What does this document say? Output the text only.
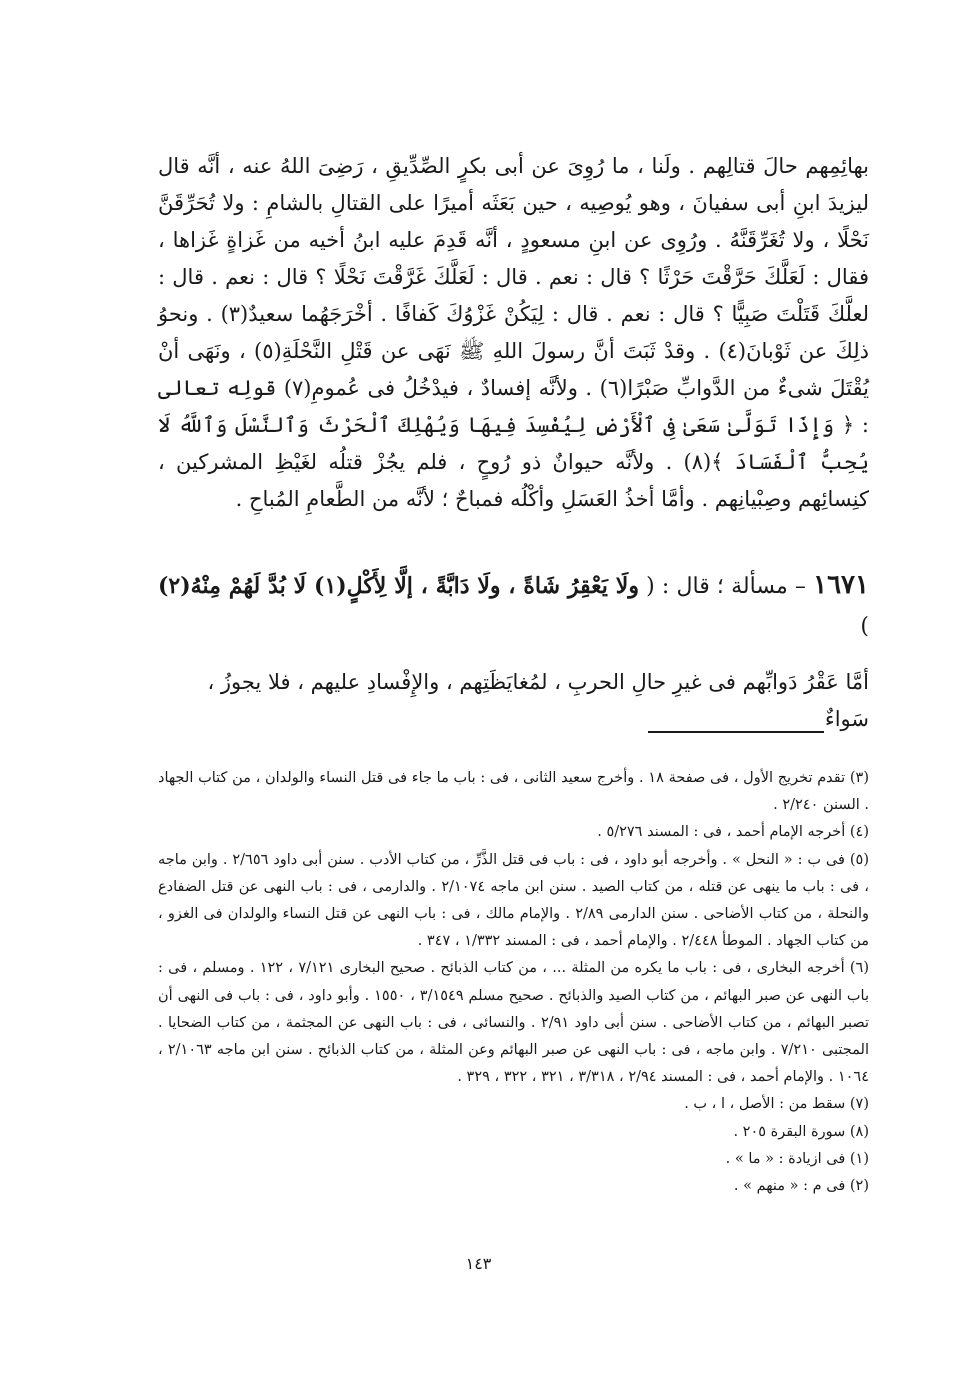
بهائِمِهم حالَ قتالِهم . ولَنا ، ما رُوِىَ عن أبى بكرٍ الصِّدِّيقِ ، رَضِىَ اللهُ عنه ، أنَّه قال ليزيدَ ابنِ أبى سفيانَ ، وهو يُوصِيه ، حين بَعَثَه أميرًا على القتالِ بالشامِ : ولا تُحَرِّقَنَّ نَحْلًا ، ولا تُغَرِّقَنَّهُ . ورُوِى عن ابنِ مسعودٍ ، أنَّه قَدِمَ عليه ابنُ أخيه من غَزاةٍ غَزاها ، فقال : لَعَلَّكَ حَرَّقْتَ حَرْثًا ؟ قال : نعم . قال : لَعَلَّكَ غَرَّقْتَ نَحْلًا ؟ قال : نعم . قال : لعلَّكَ قَتَلْتَ صَبِيًّا ؟ قال : نعم . قال : لِيَكُنْ غَزْوُكَ كَفافًا . أخْرَجَهُما سعيدٌ(٣) . ونحوُ ذلِكَ عن ثَوْبانَ(٤) . وقدْ ثَبَتَ أنَّ رسولَ اللهِ ﷺ نَهَى عن قَتْلِ النَّحْلَةِ(٥) ، ونَهَى أنْ يُقْتَلَ شىءٌ من الدَّوابِّ صَبْرًا(٦) . ولأنَّه إفسادٌ ، فيدْخُلُ فى عُمومِ(٧) قولِه تعالى : ﴿ وَإِذَا تَوَلَّىٰ سَعَىٰ فِى ٱلْأَرْضِ لِيُفْسِدَ فِيهَا وَيُهْلِكَ ٱلْحَرْثَ وَٱلنَّسْلَ وَٱللَّهُ لَا يُحِبُّ ٱلْفَسَادَ ﴾(٨) . ولأنَّه حيوانٌ ذو رُوحٍ ، فلم يجُزْ قتلُه لغَيْظِ المشركين ، كنِسائِهم وصِبْيانِهم . وأمَّا أخذُ العَسَلِ وأكْلُه فمباحٌ ؛ لأنَّه من الطَّعامِ المُباحِ .

١٦٧١ – مسألة ؛ قال : ( ولَا يَعْقِرُ شَاةً ، ولَا دَابَّةً ، إلَّا لِأَكْلٍ(١) لَا بُدَّ لَهُمْ مِنْهُ(٢) )
أمَّا عَقْرُ دَوابِّهم فى غيرِ حالِ الحربِ ، لمُغايَظَتِهم ، والإِفْسادِ عليهم ، فلا يجوزُ ، سَواءٌ

(٣) تقدم تخريج الأول ، فى صفحة ١٨ . وأخرج سعيد الثانى ، فى : باب ما جاء فى قتل النساء والولدان ، من كتاب الجهاد . السنن ٢/٢٤٠ .

(٤) أخرجه الإمام أحمد ، فى : المسند ٥/٢٧٦ .

(٥) فى ب : « النحل » . وأخرجه أبو داود ، فى : باب فى قتل الذَّرِّ ، من كتاب الأدب . سنن أبى داود ٢/٦٥٦ . وابن ماجه ، فى : باب ما ينهى عن قتله ، من كتاب الصيد . سنن ابن ماجه ٢/١٠٧٤ . والدارمى ، فى : باب النهى عن قتل الضفادع والنحلة ، من كتاب الأضاحى . سنن الدارمى ٢/٨٩ . والإمام مالك ، فى : باب النهى عن قتل النساء والولدان فى الغزو ، من كتاب الجهاد . الموطأ ٢/٤٤٨ . والإمام أحمد ، فى : المسند ١/٣٣٢ ، ٣٤٧ .

(٦) أخرجه البخارى ، فى : باب ما يكره من المثلة ... ، من كتاب الذبائح . صحيح البخارى ٧/١٢١ ، ١٢٢ . ومسلم ، فى : باب النهى عن صبر البهائم ، من كتاب الصيد والذبائح . صحيح مسلم ٣/١٥٤٩ ، ١٥٥٠ . وأبو داود ، فى : باب فى النهى أن تصبر البهائم ، من كتاب الأضاحى . سنن أبى داود ٢/٩١ . والنسائى ، فى : باب النهى عن المجثمة ، من كتاب الضحايا . المجتبى ٧/٢١٠ . وابن ماجه ، فى : باب النهى عن صبر البهائم وعن المثلة ، من كتاب الذبائح . سنن ابن ماجه ٢/١٠٦٣ ، ١٠٦٤ . والإمام أحمد ، فى : المسند ٢/٩٤ ، ٣/٣١٨ ، ٣٢١ ، ٣٢٢ ، ٣٢٩ .

(٧) سقط من : الأصل ، ا ، ب .

(٨) سورة البقرة ٢٠٥ .

(١) فى ازيادة : « ما » .

(٢) فى م : « منهم » .

١٤٣
